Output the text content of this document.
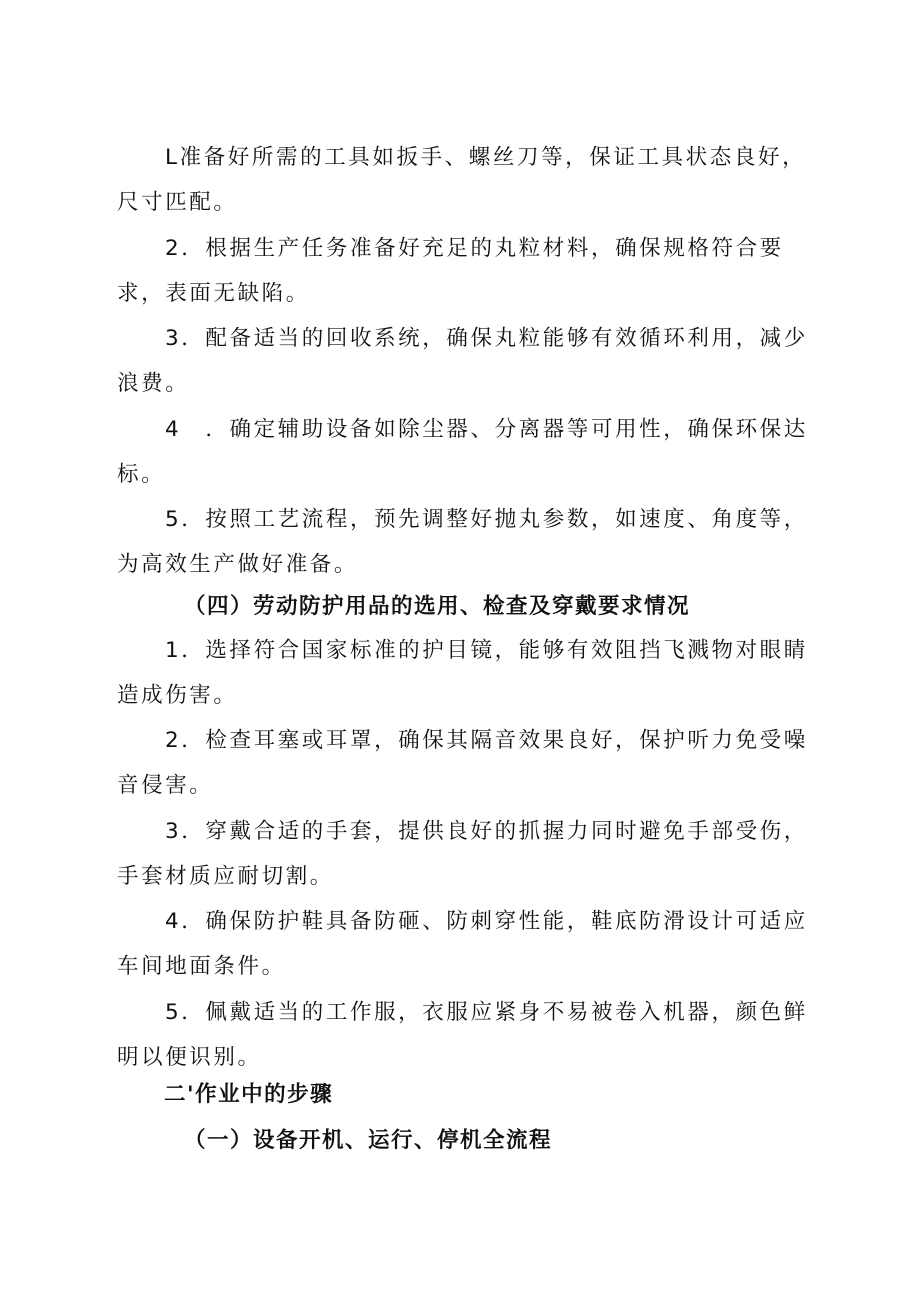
L准备好所需的工具如扳手、螺丝刀等，保证工具状态良好，尺寸匹配。

2．根据生产任务准备好充足的丸粒材料，确保规格符合要求，表面无缺陷。

3．配备适当的回收系统，确保丸粒能够有效循环利用，减少浪费。

4　．确定辅助设备如除尘器、分离器等可用性，确保环保达标。

5．按照工艺流程，预先调整好抛丸参数，如速度、角度等，为高效生产做好准备。

（四）劳动防护用品的选用、检查及穿戴要求情况

1．选择符合国家标准的护目镜，能够有效阻挡飞溅物对眼睛造成伤害。

2．检查耳塞或耳罩，确保其隔音效果良好，保护听力免受噪音侵害。

3．穿戴合适的手套，提供良好的抓握力同时避免手部受伤，手套材质应耐切割。

4．确保防护鞋具备防砸、防刺穿性能，鞋底防滑设计可适应车间地面条件。

5．佩戴适当的工作服，衣服应紧身不易被卷入机器，颜色鲜明以便识别。

二'作业中的步骤
（一）设备开机、运行、停机全流程
